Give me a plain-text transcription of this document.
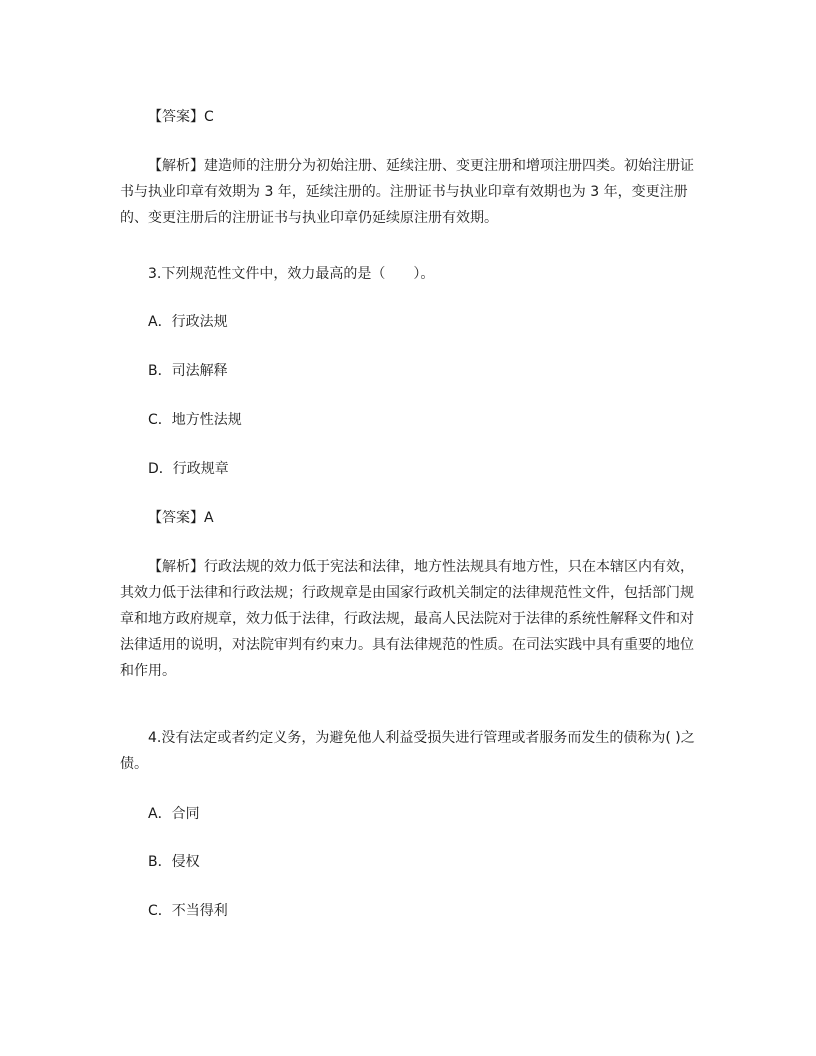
【答案】C

【解析】建造师的注册分为初始注册、延续注册、变更注册和增项注册四类。初始注册证书与执业印章有效期为 3 年，延续注册的。注册证书与执业印章有效期也为 3 年，变更注册的、变更注册后的注册证书与执业印章仍延续原注册有效期。

3.下列规范性文件中，效力最高的是（　　）。

A．行政法规

B．司法解释

C．地方性法规

D．行政规章

【答案】A

【解析】行政法规的效力低于宪法和法律，地方性法规具有地方性，只在本辖区内有效，其效力低于法律和行政法规；行政规章是由国家行政机关制定的法律规范性文件，包括部门规章和地方政府规章，效力低于法律，行政法规，最高人民法院对于法律的系统性解释文件和对法律适用的说明，对法院审判有约束力。具有法律规范的性质。在司法实践中具有重要的地位和作用。

4.没有法定或者约定义务，为避免他人利益受损失进行管理或者服务而发生的债称为( )之债。

A．合同

B．侵权

C．不当得利
